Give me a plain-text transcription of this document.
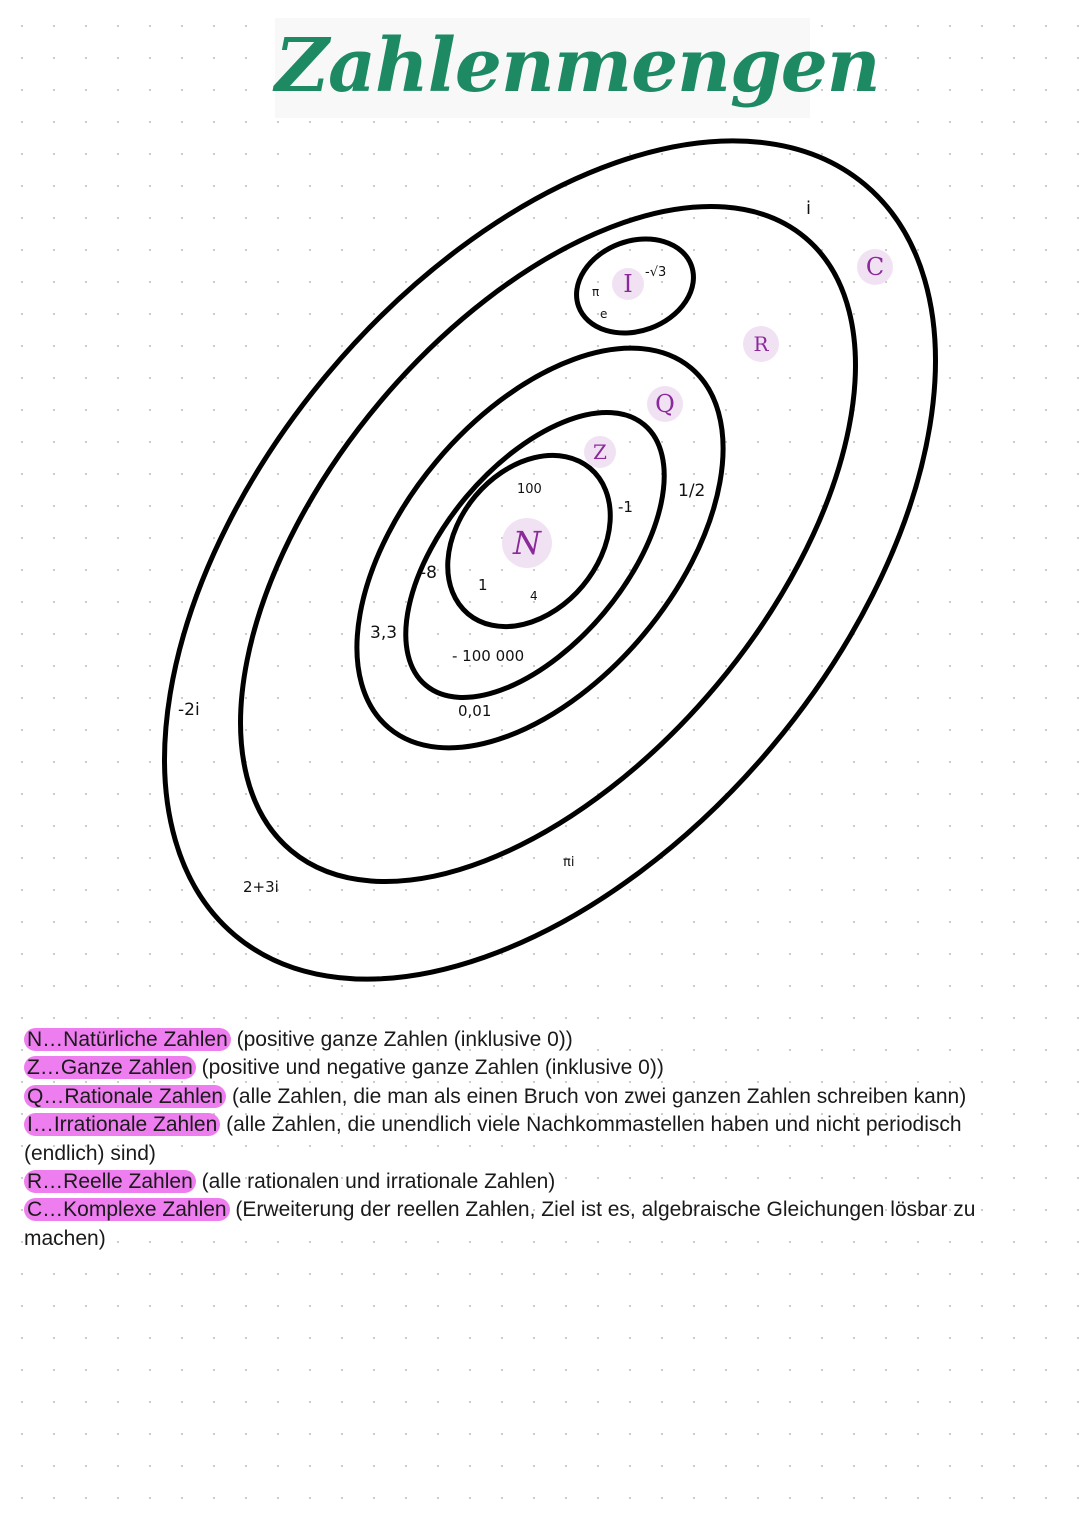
Zahlenmengen
N
Z
Q
I
R
C
100
1
4
-1
-8
- 100 000
1/2
3,3
0,01
π
e
-√3
i
-2i
2+3i
πi
N…Natürliche Zahlen (positive ganze Zahlen (inklusive 0))
Z…Ganze Zahlen (positive und negative ganze Zahlen (inklusive 0))
Q…Rationale Zahlen (alle Zahlen, die man als einen Bruch von zwei ganzen Zahlen schreiben kann)
I…Irrationale Zahlen (alle Zahlen, die unendlich viele Nachkommastellen haben und nicht periodisch (endlich) sind)
R…Reelle Zahlen (alle rationalen und irrationale Zahlen)
C…Komplexe Zahlen (Erweiterung der reellen Zahlen, Ziel ist es, algebraische Gleichungen lösbar zu machen)
